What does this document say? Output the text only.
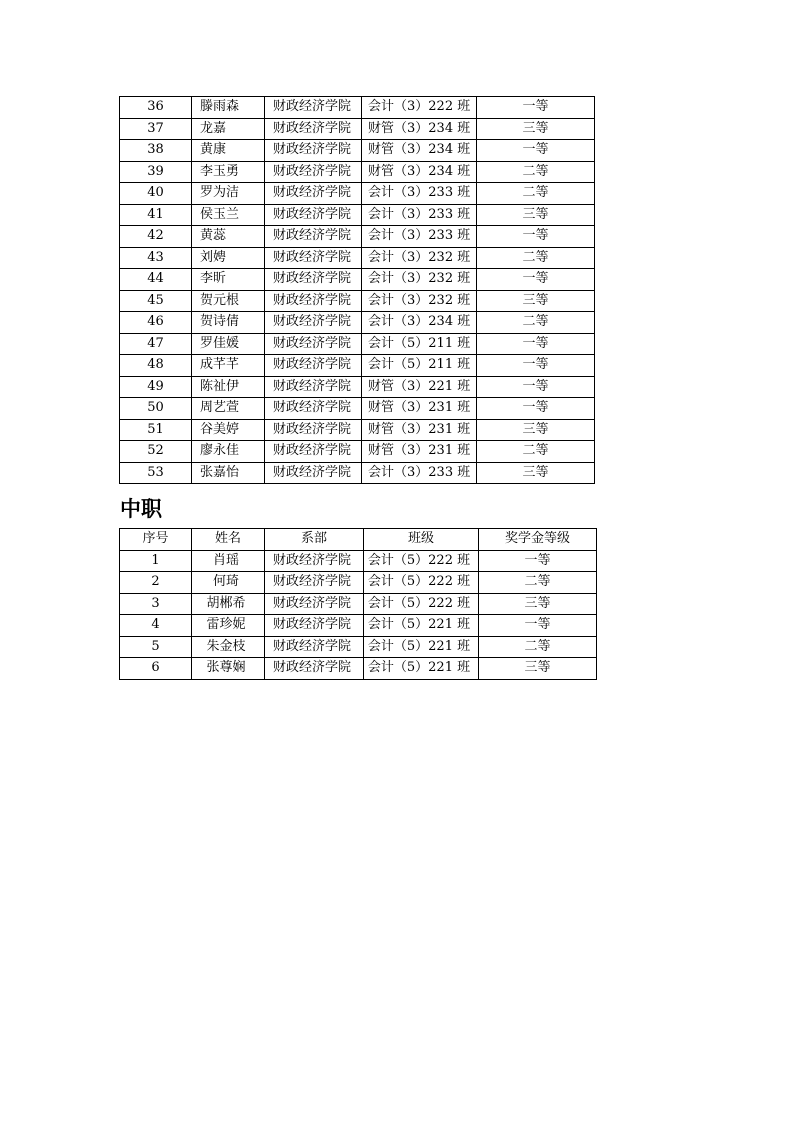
36	滕雨森	财政经济学院	会计（3）222 班	一等
37	龙嘉	财政经济学院	财管（3）234 班	三等
38	黄康	财政经济学院	财管（3）234 班	一等
39	李玉勇	财政经济学院	财管（3）234 班	二等
40	罗为洁	财政经济学院	会计（3）233 班	二等
41	侯玉兰	财政经济学院	会计（3）233 班	三等
42	黄蕊	财政经济学院	会计（3）233 班	一等
43	刘娉	财政经济学院	会计（3）232 班	二等
44	李昕	财政经济学院	会计（3）232 班	一等
45	贺元根	财政经济学院	会计（3）232 班	三等
46	贺诗倩	财政经济学院	会计（3）234 班	二等
47	罗佳媛	财政经济学院	会计（5）211 班	一等
48	成芊芊	财政经济学院	会计（5）211 班	一等
49	陈祉伊	财政经济学院	财管（3）221 班	一等
50	周艺萱	财政经济学院	财管（3）231 班	一等
51	谷美婷	财政经济学院	财管（3）231 班	三等
52	廖永佳	财政经济学院	财管（3）231 班	二等
53	张嘉怡	财政经济学院	会计（3）233 班	三等
中职
序号	姓名	系部	班级	奖学金等级
1	肖瑶	财政经济学院	会计（5）222 班	一等
2	何琦	财政经济学院	会计（5）222 班	二等
3	胡郴希	财政经济学院	会计（5）222 班	三等
4	雷珍妮	财政经济学院	会计（5）221 班	一等
5	朱金枝	财政经济学院	会计（5）221 班	二等
6	张尊娴	财政经济学院	会计（5）221 班	三等
